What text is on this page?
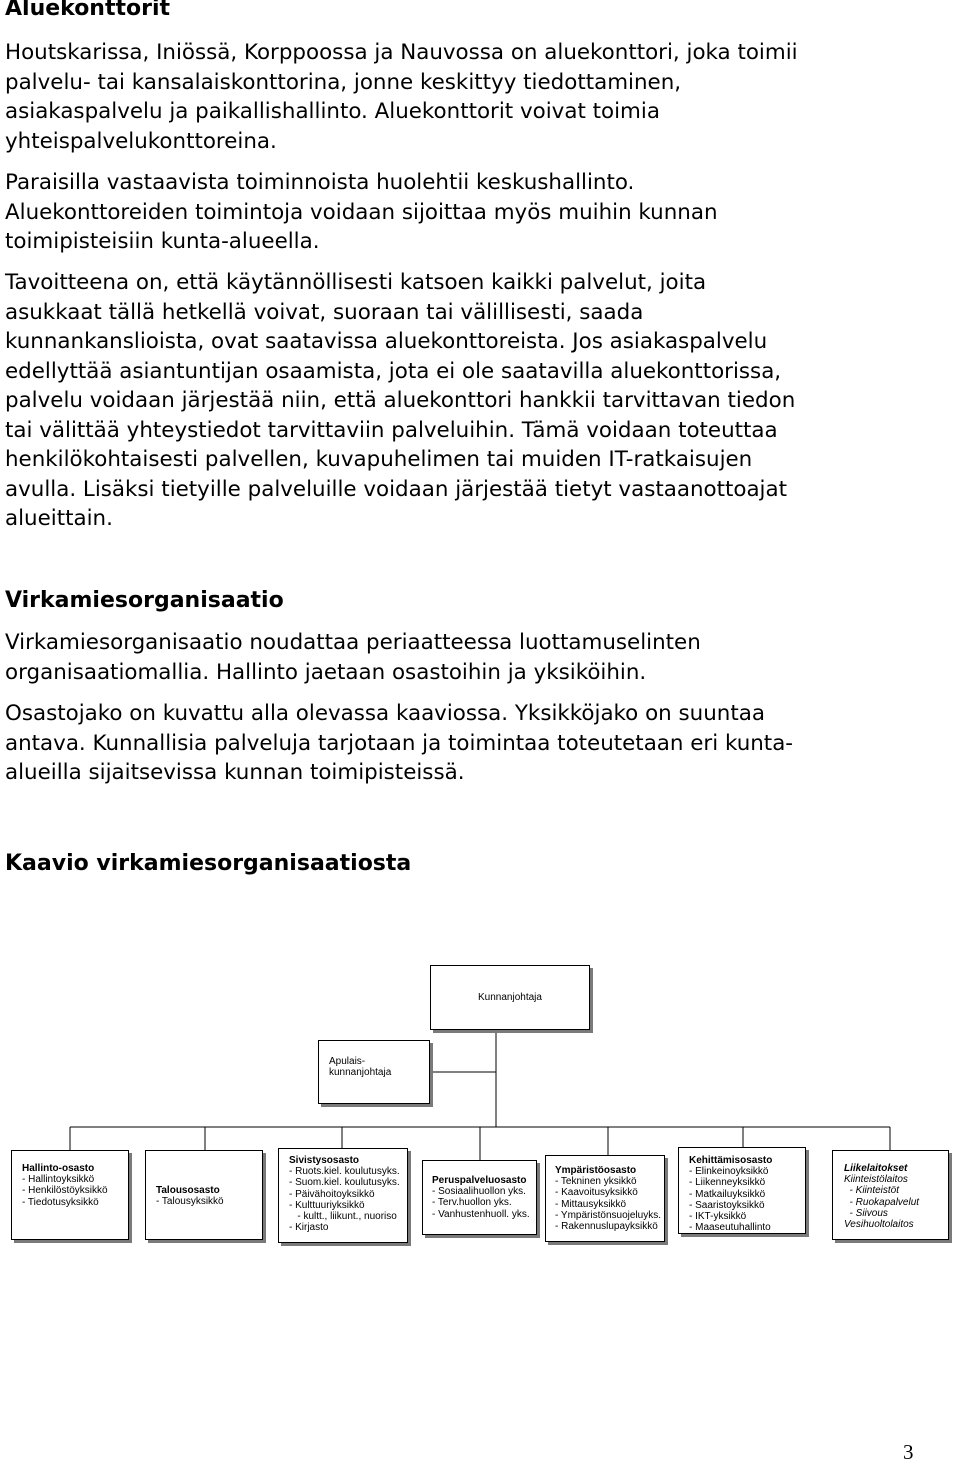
Aluekonttorit

Houtskarissa, Iniössä, Korppoossa ja Nauvossa on aluekonttori, joka toimii
palvelu- tai kansalaiskonttorina, jonne keskittyy tiedottaminen,
asiakaspalvelu ja paikallishallinto. Aluekonttorit voivat toimia
yhteispalvelukonttoreina.

Paraisilla vastaavista toiminnoista huolehtii keskushallinto.
Aluekonttoreiden toimintoja voidaan sijoittaa myös muihin kunnan
toimipisteisiin kunta-alueella.

Tavoitteena on, että käytännöllisesti katsoen kaikki palvelut, joita
asukkaat tällä hetkellä voivat, suoraan tai välillisesti, saada
kunnankanslioista, ovat saatavissa aluekonttoreista. Jos asiakaspalvelu
edellyttää asiantuntijan osaamista, jota ei ole saatavilla aluekonttorissa,
palvelu voidaan järjestää niin, että aluekonttori hankkii tarvittavan tiedon
tai välittää yhteystiedot tarvittaviin palveluihin. Tämä voidaan toteuttaa
henkilökohtaisesti palvellen, kuvapuhelimen tai muiden IT-ratkaisujen
avulla. Lisäksi tietyille palveluille voidaan järjestää tietyt vastaanottoajat
alueittain.

Virkamiesorganisaatio

Virkamiesorganisaatio noudattaa periaatteessa luottamuselinten
organisaatiomallia. Hallinto jaetaan osastoihin ja yksiköihin.

Osastojako on kuvattu alla olevassa kaaviossa. Yksikköjako on suuntaa
antava. Kunnallisia palveluja tarjotaan ja toimintaa toteutetaan eri kunta-
alueilla sijaitsevissa kunnan toimipisteissä.

Kaavio virkamiesorganisaatiosta
Kunnanjohtaja
Apulais-
kunnanjohtaja
Hallinto-osasto
- Hallintoyksikkö
- Henkilöstöyksikkö
- Tiedotusyksikkö
Talousosasto
- Talousyksikkö
Sivistysosasto
- Ruots.kiel. koulutusyks.
- Suom.kiel. koulutusyks.
- Päivähoitoyksikkö
- Kulttuuriyksikkö
- kultt., liikunt., nuoriso
- Kirjasto
Peruspalveluosasto
- Sosiaalihuollon yks.
- Terv.huollon yks.
- Vanhustenhuoll. yks.
Ympäristöosasto
- Tekninen yksikkö
- Kaavoitusyksikkö
- Mittausyksikkö
- Ympäristönsuojeluyks.
- Rakennuslupayksikkö
Kehittämisosasto
- Elinkeinoyksikkö
- Liikenneyksikkö
- Matkailuyksikkö
- Saaristoyksikkö
- IKT-yksikkö
- Maaseutuhallinto
Liikelaitokset
Kiinteistölaitos
- Kiinteistöt
- Ruokapalvelut
- Siivous
Vesihuoltolaitos
3
